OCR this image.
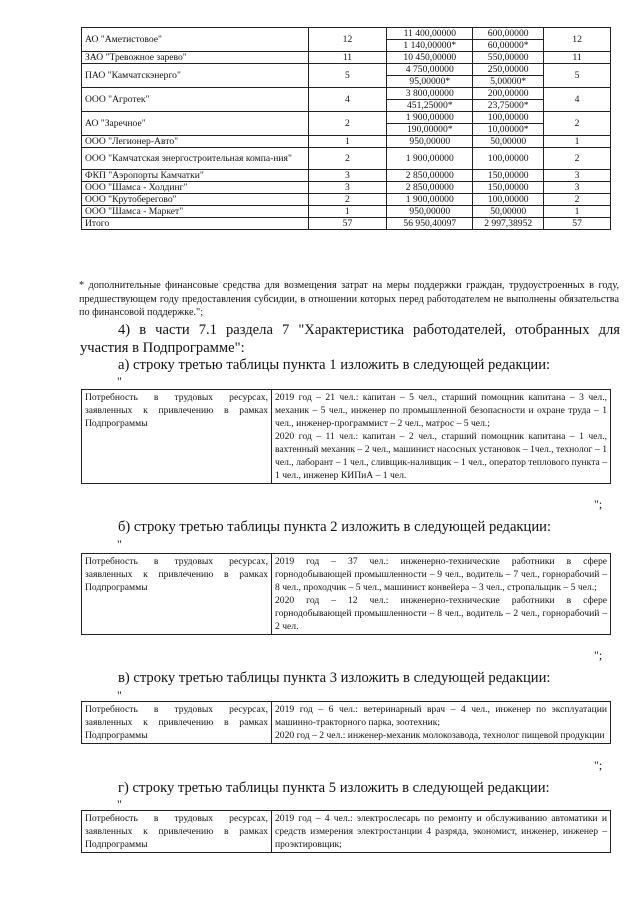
АО "Аметистовое"	12	11 400,00000	600,00000	12
		1 140,00000*	60,00000*	
ЗАО "Тревожное зарево"	11	10 450,00000	550,00000	11
ПАО "Камчатскэнерго"	5	4 750,00000	250,00000	5
		95,00000*	5,00000*	
ООО "Агротек"	4	3 800,00000	200,00000	4
		451,25000*	23,75000*	
АО "Заречное"	2	1 900,00000	100,00000	2
		190,00000*	10,00000*	
ООО "Легионер-Авто"	1	950,00000	50,00000	1
ООО "Камчатская энергостроительная компа-ния"	2	1 900,00000	100,00000	2
ФКП "Аэропорты Камчатки"	3	2 850,00000	150,00000	3
ООО "Шамса - Холдинг"	3	2 850,00000	150,00000	3
ООО "Крутоберегово"	2	1 900,00000	100,00000	2
ООО "Шамса - Маркет"	1	950,00000	50,00000	1
Итого	57	56 950,40097	2 997,38952	57
* дополнительные финансовые средства для возмещения затрат на меры поддержки граждан, трудоустроенных в году, предшествующем году предоставления субсидии, в отношении которых перед работодателем не выполнены обязательства по финансовой поддержке.";
4) в части 7.1 раздела 7 "Характеристика работодателей, отобранных для участия в Подпрограмме":
а) строку третью таблицы пункта 1 изложить в следующей редакции:
"
Потребность в трудовых ресурсах, заявленных к привлечению в рамках Подпрограммы	
2019 год – 21 чел.: капитан – 5 чел., старший помощник капитана – 3 чел., механик – 5 чел., инженер по промышленной безопасности и охране труда – 1 чел., инженер-программист – 2 чел., матрос – 5 чел.;
2020 год – 11 чел.: капитан – 2 чел., старший помощник капитана – 1 чел., вахтенный механик – 2 чел., машинист насосных установок – 1чел., технолог – 1 чел., лаборант – 1 чел., сливщик-наливщик – 1 чел., оператор теплового пункта – 1 чел., инженер КИПиА – 1 чел.
";
б) строку третью таблицы пункта 2 изложить в следующей редакции:
"
Потребность в трудовых ресурсах, заявленных к привлечению в рамках Подпрограммы	
2019 год – 37 чел.: инженерно-технические работники в сфере горнодобывающей промышленности – 9 чел., водитель – 7 чел., горнорабочий – 8 чел., проходчик – 5 чел., машинист конвейера – 3 чел., стропальщик – 5 чел.;
2020 год – 12 чел.: инженерно-технические работники в сфере горнодобывающей промышленности – 8 чел., водитель – 2 чел., горнорабочий – 2 чел.
";
в) строку третью таблицы пункта 3 изложить в следующей редакции:
"
Потребность в трудовых ресурсах, заявленных к привлечению в рамках Подпрограммы	
2019 год – 6 чел.: ветеринарный врач – 4 чел., инженер по эксплуатации машинно-тракторного парка, зоотехник;
2020 год – 2 чел.: инженер-механик молокозавода, технолог пищевой продукции
";
г) строку третью таблицы пункта 5 изложить в следующей редакции:
"
Потребность в трудовых ресурсах, заявленных к привлечению в рамках Подпрограммы	
2019 год – 4 чел.: электрослесарь по ремонту и обслуживанию автоматики и средств измерения электростанции 4 разряда, экономист, инженер, инженер – проэктировщик;
